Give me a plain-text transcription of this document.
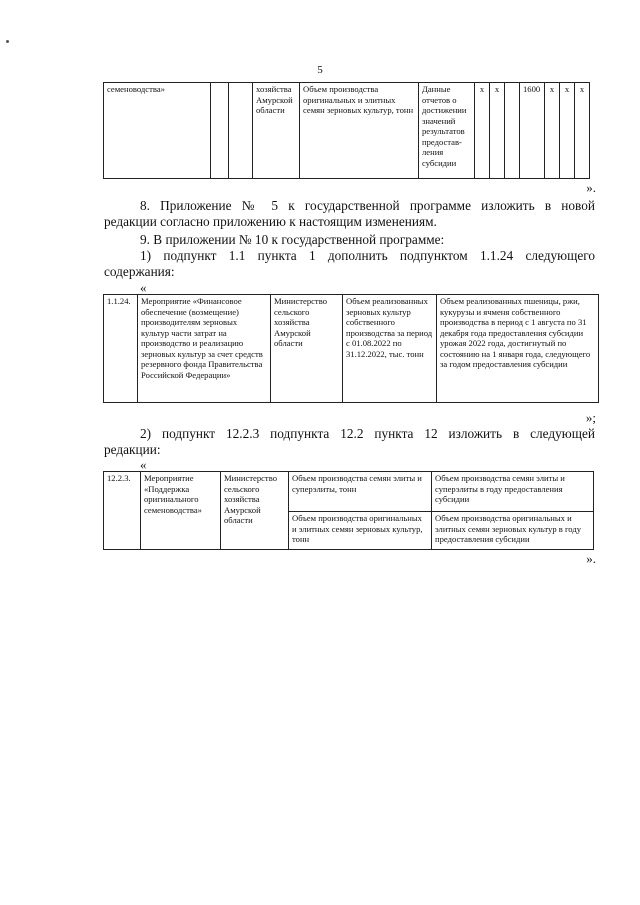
5
семеноводства»			хозяйства Амурской области	Объем производства оригинальных и элитных семян зерновых культур, тонн	Данные отчетов о достижении значений результатов предостав-ления субсидии	х	х		1600	х	х	х
».

8. Приложение № 5 к государственной программе изложить в новой

редакции согласно приложению к настоящим изменениям.

9. В приложении № 10 к государственной программе:

1) подпункт 1.1 пункта 1 дополнить подпунктом 1.1.24 следующего

содержания:

«
1.1.24.	Мероприятие «Финансовое обеспечение (возмещение) производителям зерновых культур части затрат на производство и реализацию зерновых культур за счет средств резервного фонда Правительства Российской Федерации»	Министерство сельского хозяйства Амурской области	Объем реализованных зерновых культур собственного производства за период с 01.08.2022 по 31.12.2022, тыс. тонн	Объем реализованных пшеницы, ржи, кукурузы и ячменя собственного производства в период с 1 августа по 31 декабря года предоставления субсидии урожая 2022 года, достигнутый по состоянию на 1 января года, следующего за годом предоставления субсидии
»;

2) подпункт 12.2.3 подпункта 12.2 пункта 12 изложить в следующей

редакции:

«
12.2.3.	Мероприятие «Поддержка оригинального семеноводства»	Министерство сельского хозяйства Амурской области	Объем производства семян элиты и суперэлиты, тонн	Объем производства семян элиты и суперэлиты в году предоставления субсидии
			Объем производства оригинальных и элитных семян зерновых культур, тонн	Объем производства оригинальных и элитных семян зерновых культур в году предоставления субсидии
».
